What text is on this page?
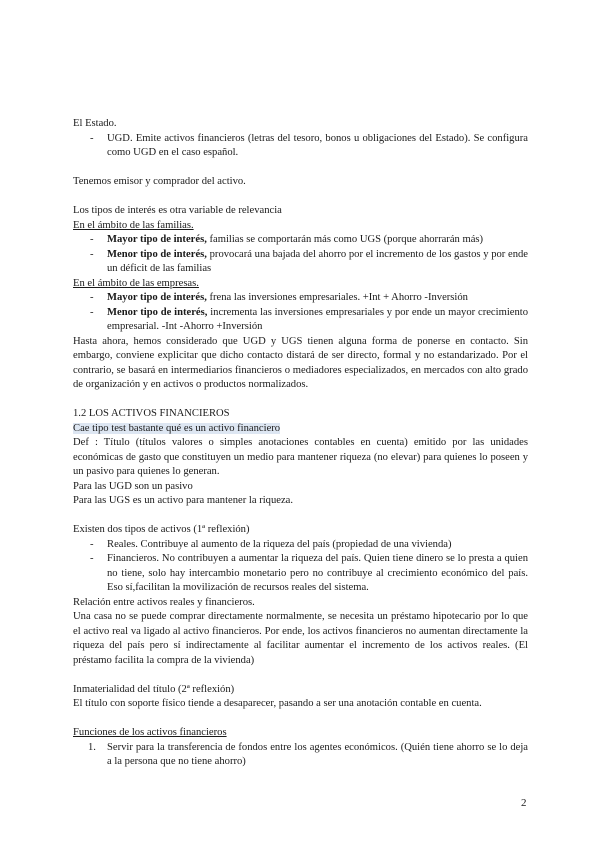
El Estado.

- UGD. Emite activos financieros (letras del tesoro, bonos u obligaciones del Estado). Se configura como UGD en el caso español.

Tenemos emisor y comprador del activo.

Los tipos de interés es otra variable de relevancia

En el ámbito de las familias.

- Mayor tipo de interés, familias se comportarán más como UGS (porque ahorrarán más)
- Menor tipo de interés, provocará una bajada del ahorro por el incremento de los gastos y por ende un déficit de las familias

En el ámbito de las empresas.

- Mayor tipo de interés, frena las inversiones empresariales. +Int + Ahorro -Inversión
- Menor tipo de interés, incrementa las inversiones empresariales y por ende un mayor crecimiento empresarial. -Int -Ahorro +Inversión

Hasta ahora, hemos considerado que UGD y UGS tienen alguna forma de ponerse en contacto. Sin embargo, conviene explicitar que dicho contacto distará de ser directo, formal y no estandarizado. Por el contrario, se basará en intermediarios financieros o mediadores especializados, en mercados con alto grado de organización y en activos o productos normalizados.

1.2 LOS ACTIVOS FINANCIEROS

Cae tipo test bastante qué es un activo financiero

Def : Título (títulos valores o simples anotaciones contables en cuenta) emitido por las unidades económicas de gasto que constituyen un medio para mantener riqueza (no elevar) para quienes lo poseen y un pasivo para quienes lo generan.

Para las UGD son un pasivo

Para las UGS es un activo para mantener la riqueza.

Existen dos tipos de activos (1ª reflexión)

- Reales. Contribuye al aumento de la riqueza del país (propiedad de una vivienda)
- Financieros. No contribuyen a aumentar la riqueza del país. Quien tiene dinero se lo presta a quien no tiene, solo hay intercambio monetario pero no contribuye al crecimiento económico del país. Eso sí,facilitan la movilización de recursos reales del sistema.

Relación entre activos reales y financieros.

Una casa no se puede comprar directamente normalmente, se necesita un préstamo hipotecario por lo que el activo real va ligado al activo financieros. Por ende, los activos financieros no aumentan directamente la riqueza del país pero sí indirectamente al facilitar aumentar el incremento de los activos reales. (El préstamo facilita la compra de la vivienda)

Inmaterialidad del título (2ª reflexión)

El título con soporte físico tiende a desaparecer, pasando a ser una anotación contable en cuenta.

Funciones de los activos financieros

1. Servir para la transferencia de fondos entre los agentes económicos. (Quién tiene ahorro se lo deja a la persona que no tiene ahorro)
2
